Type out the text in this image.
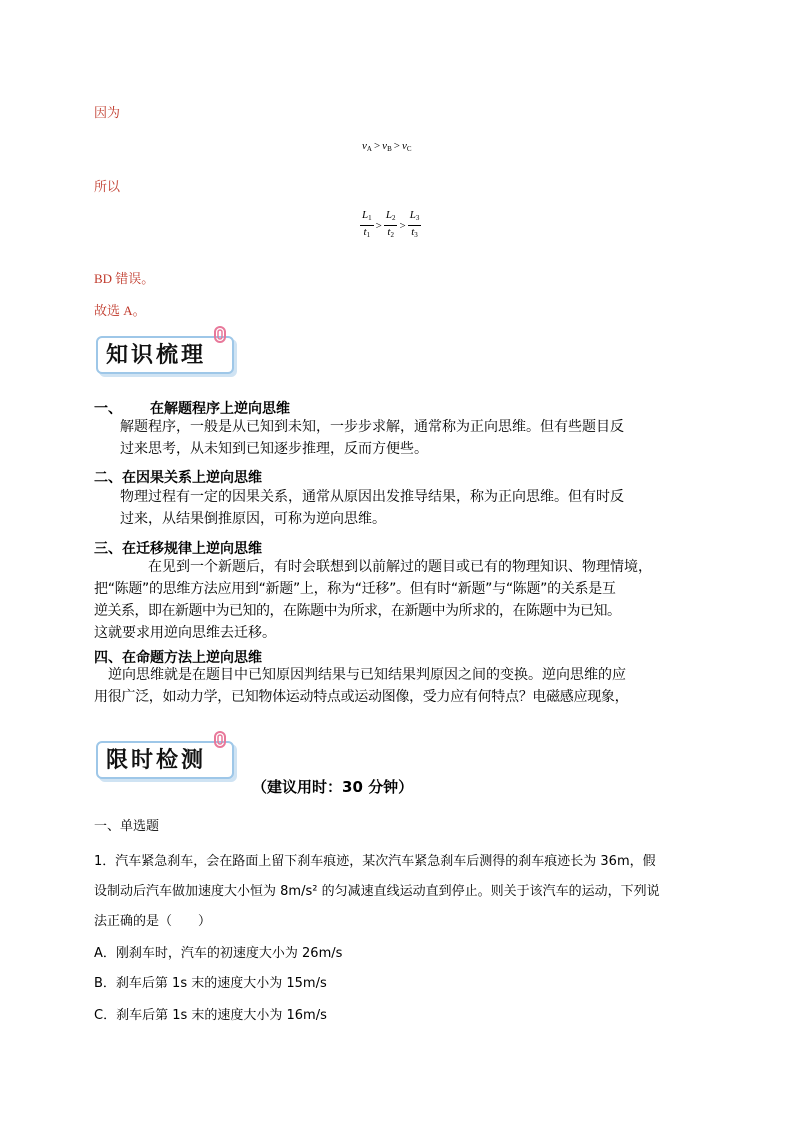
因为
$v_A > v_B > v_C$
所以
$\frac{L_1}{t_1} > \frac{L_2}{t_2} > \frac{L_3}{t_3}$
BD 错误。
故选 A。
知识梳理
一、 在解题程序上逆向思维
解题程序，一般是从已知到未知，一步步求解，通常称为正向思维。但有些题目反
过来思考，从未知到已知逐步推理，反而方便些。
二、在因果关系上逆向思维
物理过程有一定的因果关系，通常从原因出发推导结果，称为正向思维。但有时反
过来，从结果倒推原因，可称为逆向思维。
三、在迁移规律上逆向思维
在见到一个新题后，有时会联想到以前解过的题目或已有的物理知识、物理情境，
把“陈题”的思维方法应用到“新题”上，称为“迁移”。但有时“新题”与“陈题”的关系是互
逆关系，即在新题中为已知的，在陈题中为所求，在新题中为所求的，在陈题中为已知。
这就要求用逆向思维去迁移。
四、在命题方法上逆向思维
逆向思维就是在题目中已知原因判结果与已知结果判原因之间的变换。逆向思维的应
用很广泛，如动力学，已知物体运动特点或运动图像，受力应有何特点？电磁感应现象，
限时检测
（建议用时：30 分钟）
一、单选题
1．汽车紧急刹车，会在路面上留下刹车痕迹，某次汽车紧急刹车后测得的刹车痕迹长为 36m，假
设制动后汽车做加速度大小恒为 8m/s² 的匀减速直线运动直到停止。则关于该汽车的运动，下列说
法正确的是（　　）
A．刚刹车时，汽车的初速度大小为 26m/s
B．刹车后第 1s 末的速度大小为 15m/s
C．刹车后第 1s 末的速度大小为 16m/s
